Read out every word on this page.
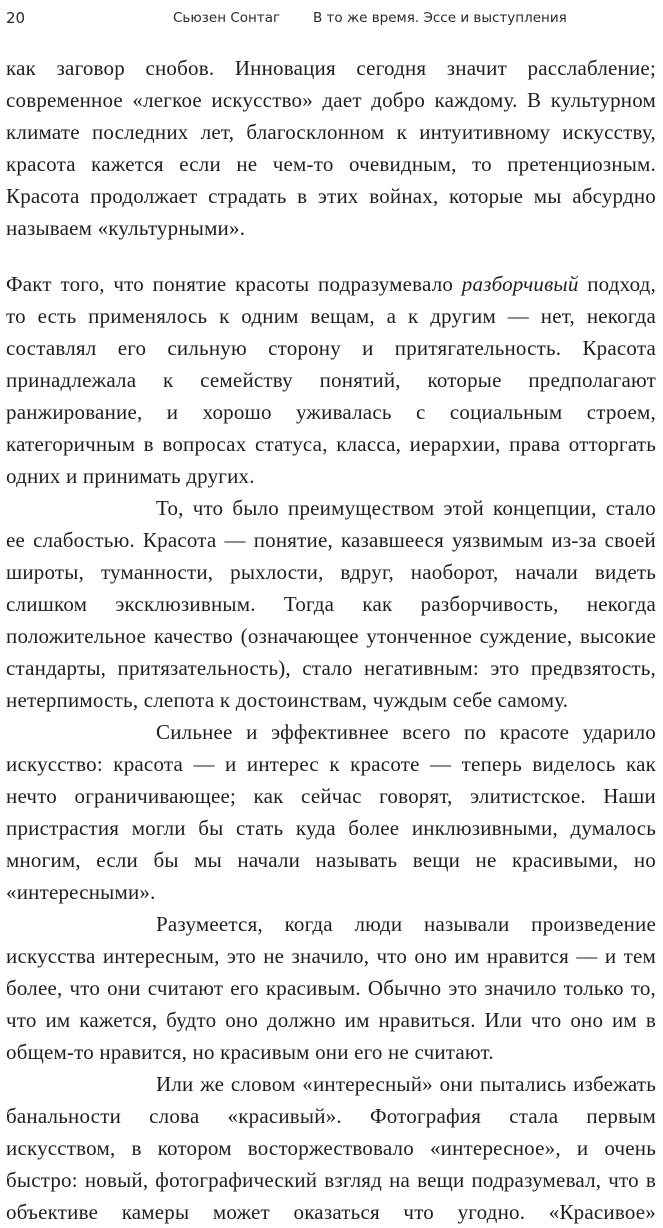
20	Сьюзен Сонтаг В то же время. Эссе и выступления

как заговор снобов. Инновация сегодня значит расслабление; современное «легкое искусство» дает добро каждому. В культурном климате последних лет, благосклонном к интуитивному искусству, красота кажется если не чем-то очевидным, то претенциозным. Красота продолжает страдать в этих войнах, которые мы абсурдно называем «культурными».

Факт того, что понятие красоты подразумевало разборчивый подход, то есть применялось к одним вещам, а к другим — нет, некогда составлял его сильную сторону и притягательность. Красота принадлежала к семейству понятий, которые предполагают ранжирование, и хорошо уживалась с социальным строем, категоричным в вопросах статуса, класса, иерархии, права отторгать одних и принимать других.

То, что было преимуществом этой концепции, стало ее слабостью. Красота — понятие, казавшееся уязвимым из-за своей широты, туманности, рыхлости, вдруг, наоборот, начали видеть слишком эксклюзивным. Тогда как разборчивость, некогда положительное качество (означающее утонченное суждение, высокие стандарты, притязательность), стало негативным: это предвзятость, нетерпимость, слепота к достоинствам, чуждым себе самому.

Сильнее и эффективнее всего по красоте ударило искусство: красота — и интерес к красоте — теперь виделось как нечто ограничивающее; как сейчас говорят, элитистское. Наши пристрастия могли бы стать куда более инклюзивными, думалось многим, если бы мы начали называть вещи не красивыми, но «интересными».

Разумеется, когда люди называли произведение искусства интересным, это не значило, что оно им нравится — и тем более, что они считают его красивым. Обычно это значило только то, что им кажется, будто оно должно им нравиться. Или что оно им в общем-то нравится, но красивым они его не считают.

Или же словом «интересный» они пытались избежать банальности слова «красивый». Фотография стала первым искусством, в котором восторжествовало «интересное», и очень быстро: новый, фотографический взгляд на вещи подразумевал, что в объективе камеры может оказаться что угодно. «Красивое»
